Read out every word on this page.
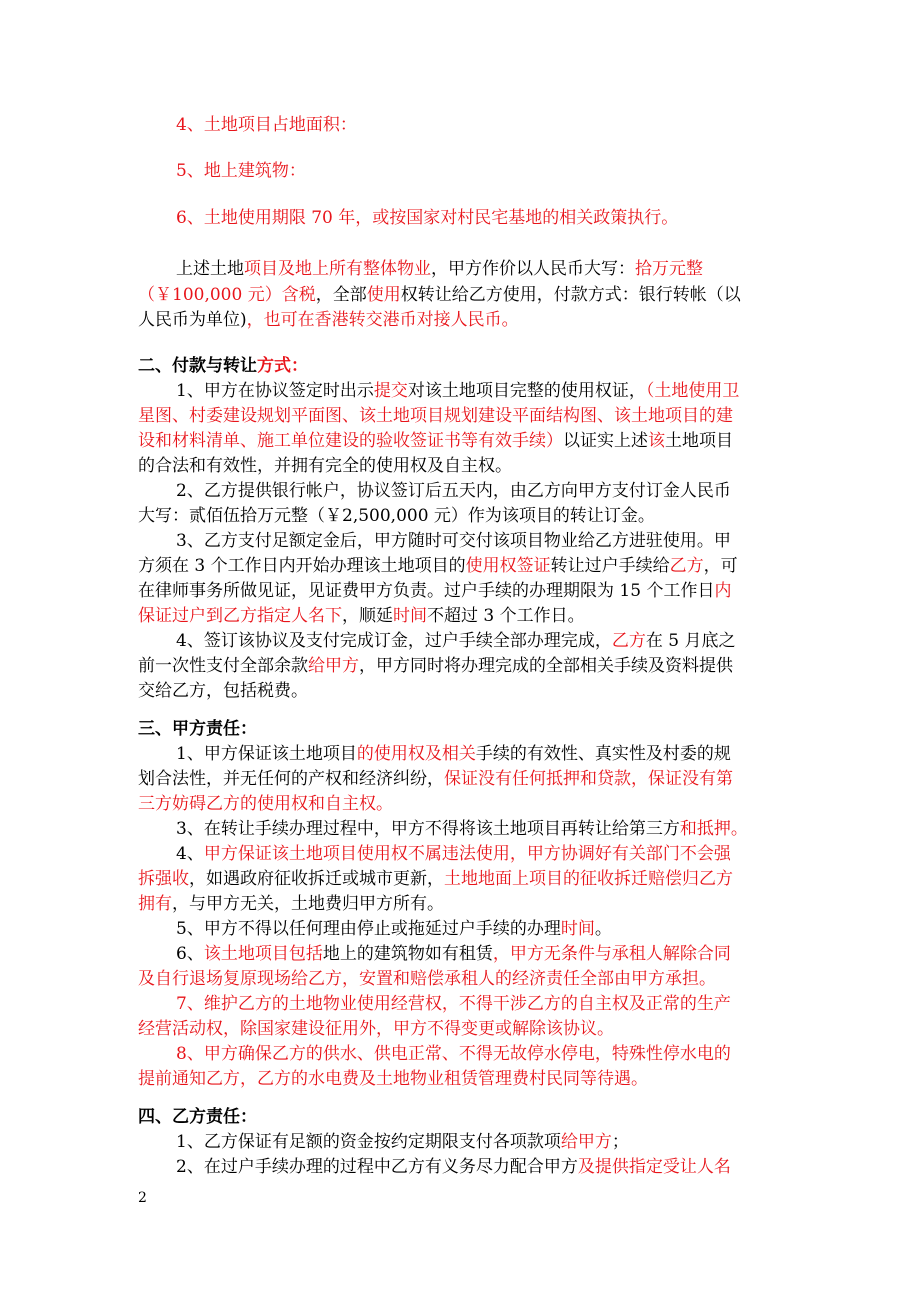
4、土地项目占地面积：
5、地上建筑物：
6、土地使用期限 70 年，或按国家对村民宅基地的相关政策执行。
上述土地项目及地上所有整体物业，甲方作价以人民币大写：拾万元整
（￥100,000 元）含税，全部使用权转让给乙方使用，付款方式：银行转帐（以
人民币为单位)，也可在香港转交港币对接人民币。
二、付款与转让方式：
1、甲方在协议签定时出示提交对该土地项目完整的使用权证，（土地使用卫
星图、村委建设规划平面图、该土地项目规划建设平面结构图、该土地项目的建
设和材料清单、施工单位建设的验收签证书等有效手续）以证实上述该土地项目
的合法和有效性，并拥有完全的使用权及自主权。
2、乙方提供银行帐户，协议签订后五天内，由乙方向甲方支付订金人民币
大写：贰佰伍拾万元整（￥2,500,000 元）作为该项目的转让订金。
3、乙方支付足额定金后，甲方随时可交付该项目物业给乙方进驻使用。甲
方须在 3 个工作日内开始办理该土地项目的使用权签证转让过户手续给乙方，可
在律师事务所做见证，见证费甲方负责。过户手续的办理期限为 15 个工作日内
保证过户到乙方指定人名下，顺延时间不超过 3 个工作日。
4、签订该协议及支付完成订金，过户手续全部办理完成，乙方在 5 月底之
前一次性支付全部余款给甲方，甲方同时将办理完成的全部相关手续及资料提供
交给乙方，包括税费。
三、甲方责任：
1、甲方保证该土地项目的使用权及相关手续的有效性、真实性及村委的规
划合法性，并无任何的产权和经济纠纷，保证没有任何抵押和贷款，保证没有第
三方妨碍乙方的使用权和自主权。
3、在转让手续办理过程中，甲方不得将该土地项目再转让给第三方和抵押。
4、甲方保证该土地项目使用权不属违法使用，甲方协调好有关部门不会强
拆强收，如遇政府征收拆迁或城市更新，土地地面上项目的征收拆迁赔偿归乙方
拥有，与甲方无关，土地费归甲方所有。
5、甲方不得以任何理由停止或拖延过户手续的办理时间。
6、该土地项目包括地上的建筑物如有租赁，甲方无条件与承租人解除合同
及自行退场复原现场给乙方，安置和赔偿承租人的经济责任全部由甲方承担。
7、维护乙方的土地物业使用经营权，不得干涉乙方的自主权及正常的生产
经营活动权，除国家建设征用外，甲方不得变更或解除该协议。
8、甲方确保乙方的供水、供电正常、不得无故停水停电，特殊性停水电的
提前通知乙方，乙方的水电费及土地物业租赁管理费村民同等待遇。
四、乙方责任：
1、乙方保证有足额的资金按约定期限支付各项款项给甲方；
2、在过户手续办理的过程中乙方有义务尽力配合甲方及提供指定受让人名
2
